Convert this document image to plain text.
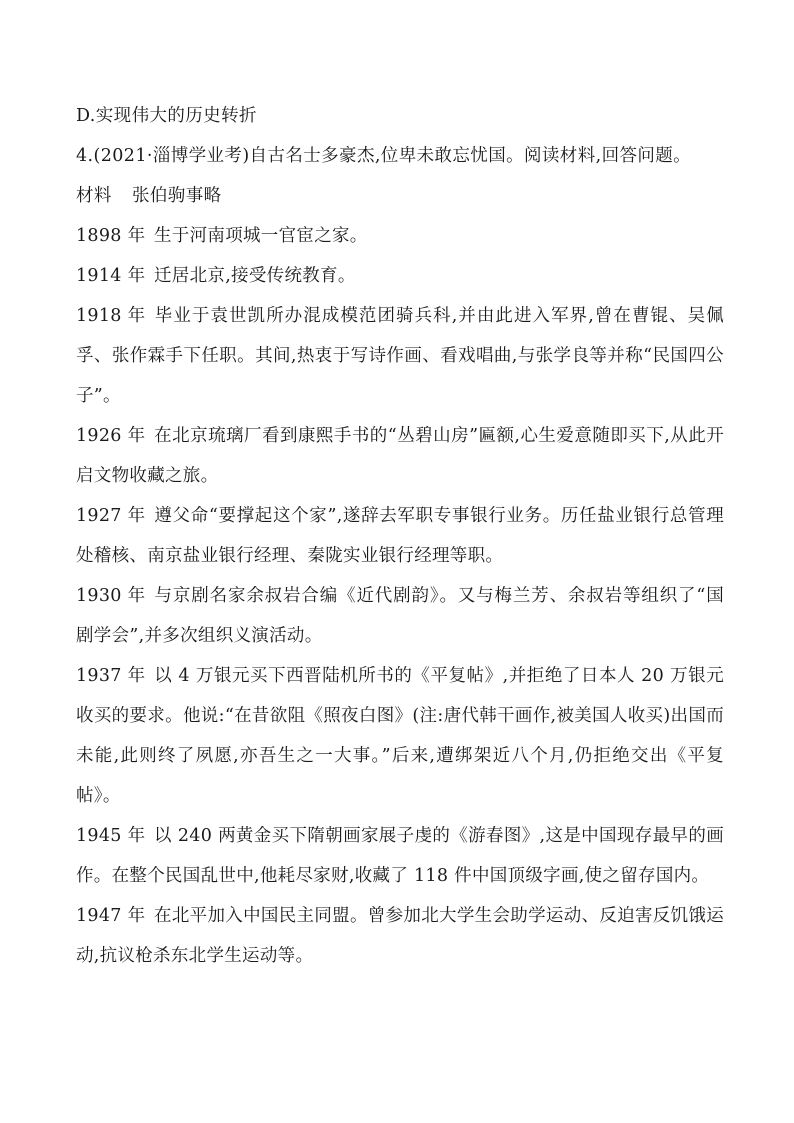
D.实现伟大的历史转折

4.(2021·淄博学业考)自古名士多豪杰,位卑未敢忘忧国。阅读材料,回答问题。

材料 张伯驹事略

1898 年 生于河南项城一官宦之家。

1914 年 迁居北京,接受传统教育。

1918 年 毕业于袁世凯所办混成模范团骑兵科,并由此进入军界,曾在曹锟、吴佩孚、张作霖手下任职。其间,热衷于写诗作画、看戏唱曲,与张学良等并称“民国四公子”。

1926 年 在北京琉璃厂看到康熙手书的“丛碧山房”匾额,心生爱意随即买下,从此开启文物收藏之旅。

1927 年 遵父命“要撑起这个家”,遂辞去军职专事银行业务。历任盐业银行总管理处稽核、南京盐业银行经理、秦陇实业银行经理等职。

1930 年 与京剧名家余叔岩合编《近代剧韵》。又与梅兰芳、余叔岩等组织了“国剧学会”,并多次组织义演活动。

1937 年 以 4 万银元买下西晋陆机所书的《平复帖》,并拒绝了日本人 20 万银元收买的要求。他说:“在昔欲阻《照夜白图》(注:唐代韩干画作,被美国人收买)出国而未能,此则终了夙愿,亦吾生之一大事。”后来,遭绑架近八个月,仍拒绝交出《平复帖》。

1945 年 以 240 两黄金买下隋朝画家展子虔的《游春图》,这是中国现存最早的画作。在整个民国乱世中,他耗尽家财,收藏了 118 件中国顶级字画,使之留存国内。

1947 年 在北平加入中国民主同盟。曾参加北大学生会助学运动、反迫害反饥饿运动,抗议枪杀东北学生运动等。
